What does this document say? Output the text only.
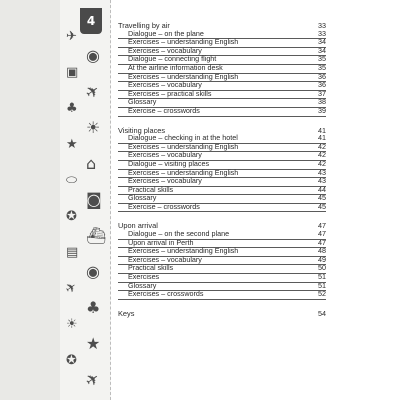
✈
◉
▣
✈
♣
☀
★
⌂
⬭
◙
✪
⛴
▤
◉
✈
♣
☀
★
✪
✈
4	Travelling by air	33
Dialogue – on the plane	33
Exercises – understanding English	34
Exercises – vocabulary	34
Dialogue – connecting flight	35
At the airline information desk	35
Exercises – understanding English	36
Exercises – vocabulary	36
Exercises – practical skills	37
Glossary	38
Exercise – crosswords	39
Visiting places	41
Dialogue – checking in at the hotel	41
Exercises – understanding English	42
Exercises – vocabulary	42
Dialogue – visiting places	42
Exercises – understanding English	43
Exercises – vocabulary	43
Practical skills	44
Glossary	45
Exercise – crosswords	45
Upon arrival	47
Dialogue – on the second plane	47
Upon arrival in Perth	47
Exercises – understanding English	48
Exercises – vocabulary	49
Practical skills	50
Exercises	51
Glossary	51
Exercises – crosswords	52
Keys	54
